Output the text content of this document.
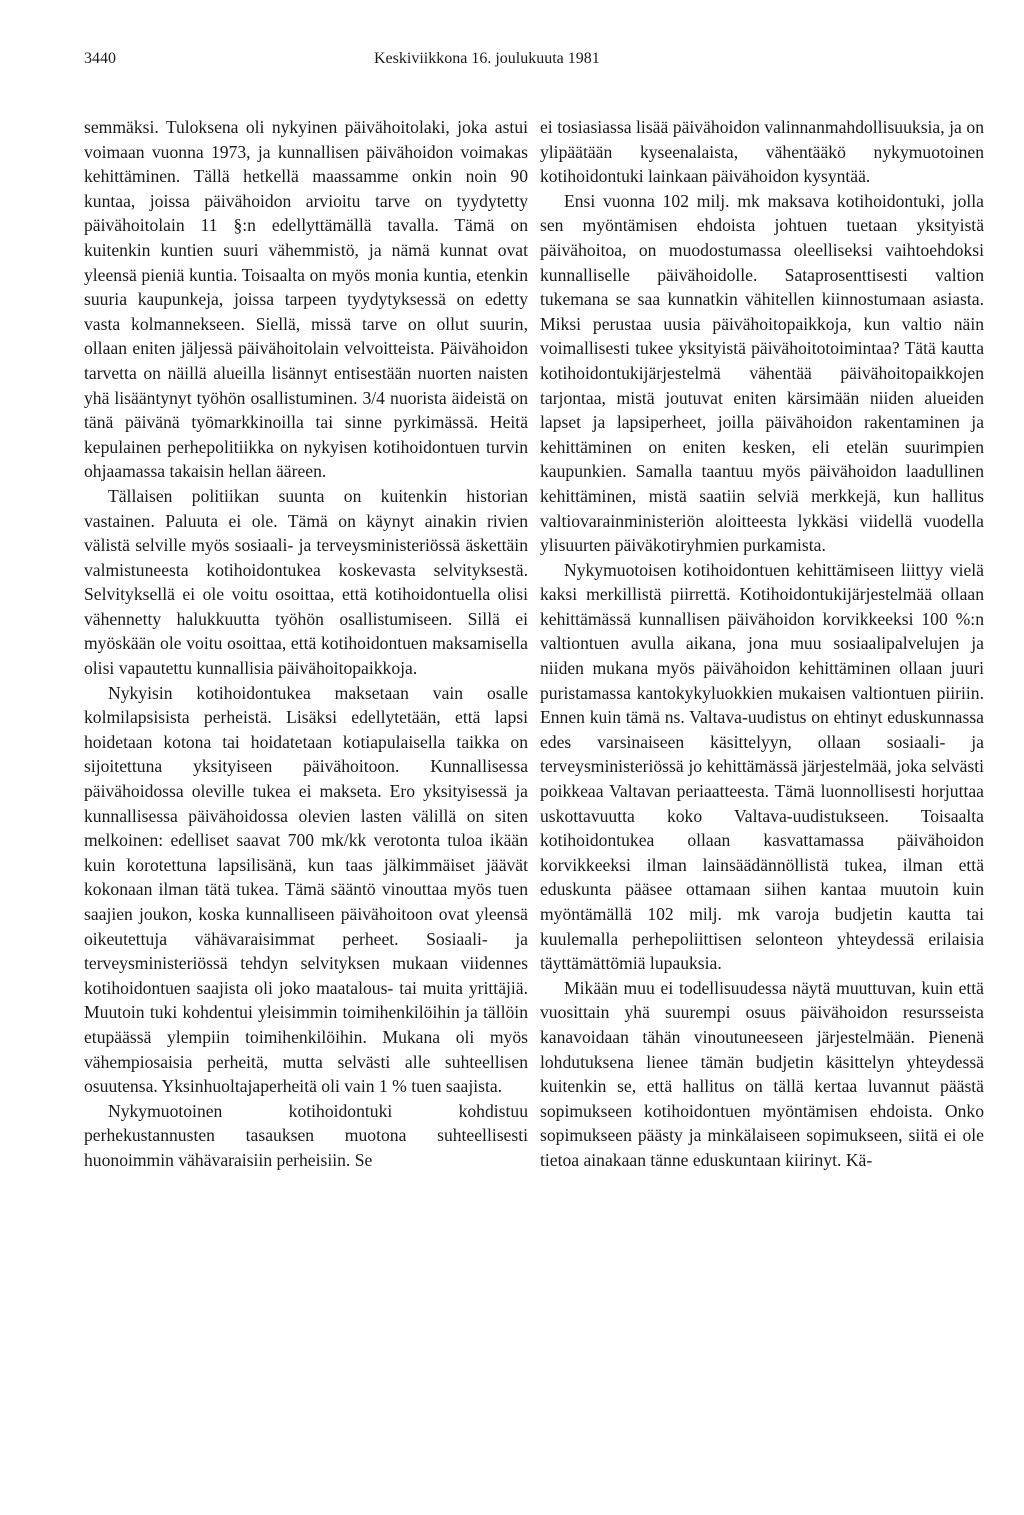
3440	Keskiviikkona 16. joulukuuta 1981

semmäksi. Tuloksena oli nykyinen päivähoitolaki, joka astui voimaan vuonna 1973, ja kunnallisen päivähoidon voimakas kehittäminen. Tällä hetkellä maassamme onkin noin 90 kuntaa, joissa päivähoidon arvioitu tarve on tyydytetty päivähoitolain 11 §:n edellyttämällä tavalla. Tämä on kuitenkin kuntien suuri vähemmistö, ja nämä kunnat ovat yleensä pieniä kuntia. Toisaalta on myös monia kuntia, etenkin suuria kaupunkeja, joissa tarpeen tyydytyksessä on edetty vasta kolmannekseen. Siellä, missä tarve on ollut suurin, ollaan eniten jäljessä päivähoitolain velvoitteista. Päivähoidon tarvetta on näillä alueilla lisännyt entisestään nuorten naisten yhä lisääntynyt työhön osallistuminen. 3/4 nuorista äideistä on tänä päivänä työmarkkinoilla tai sinne pyrkimässä. Heitä kepulainen perhepolitiikka on nykyisen kotihoidontuen turvin ohjaamassa takaisin hellan ääreen.

Tällaisen politiikan suunta on kuitenkin historian vastainen. Paluuta ei ole. Tämä on käynyt ainakin rivien välistä selville myös sosiaali- ja terveysministeriössä äskettäin valmistuneesta kotihoidontukea koskevasta selvityksestä. Selvityksellä ei ole voitu osoittaa, että kotihoidontuella olisi vähennetty halukkuutta työhön osallistumiseen. Sillä ei myöskään ole voitu osoittaa, että kotihoidontuen maksamisella olisi vapautettu kunnallisia päivähoitopaikkoja.

Nykyisin kotihoidontukea maksetaan vain osalle kolmilapsisista perheistä. Lisäksi edellytetään, että lapsi hoidetaan kotona tai hoidatetaan kotiapulaisella taikka on sijoitettuna yksityiseen päivähoitoon. Kunnallisessa päivähoidossa oleville tukea ei makseta. Ero yksityisessä ja kunnallisessa päivähoidossa olevien lasten välillä on siten melkoinen: edelliset saavat 700 mk/kk verotonta tuloa ikään kuin korotettuna lapsilisänä, kun taas jälkimmäiset jäävät kokonaan ilman tätä tukea. Tämä sääntö vinouttaa myös tuen saajien joukon, koska kunnalliseen päivähoitoon ovat yleensä oikeutettuja vähävaraisimmat perheet. Sosiaali- ja terveysministeriössä tehdyn selvityksen mukaan viidennes kotihoidontuen saajista oli joko maatalous- tai muita yrittäjiä. Muutoin tuki kohdentui yleisimmin toimihenkilöihin ja tällöin etupäässä ylempiin toimihenkilöihin. Mukana oli myös vähempiosaisia perheitä, mutta selvästi alle suhteellisen osuutensa. Yksinhuoltajaperheitä oli vain 1 % tuen saajista.

Nykymuotoinen kotihoidontuki kohdistuu perhekustannusten tasauksen muotona suhteellisesti huonoimmin vähävaraisiin perheisiin. Se

ei tosiasiassa lisää päivähoidon valinnanmahdollisuuksia, ja on ylipäätään kyseenalaista, vähentääkö nykymuotoinen kotihoidontuki lainkaan päivähoidon kysyntää.

Ensi vuonna 102 milj. mk maksava kotihoidontuki, jolla sen myöntämisen ehdoista johtuen tuetaan yksityistä päivähoitoa, on muodostumassa oleelliseksi vaihtoehdoksi kunnalliselle päivähoidolle. Sataprosenttisesti valtion tukemana se saa kunnatkin vähitellen kiinnostumaan asiasta. Miksi perustaa uusia päivähoitopaikkoja, kun valtio näin voimallisesti tukee yksityistä päivähoitotoimintaa? Tätä kautta kotihoidontukijärjestelmä vähentää päivähoitopaikkojen tarjontaa, mistä joutuvat eniten kärsimään niiden alueiden lapset ja lapsiperheet, joilla päivähoidon rakentaminen ja kehittäminen on eniten kesken, eli etelän suurimpien kaupunkien. Samalla taantuu myös päivähoidon laadullinen kehittäminen, mistä saatiin selviä merkkejä, kun hallitus valtiovarainministeriön aloitteesta lykkäsi viidellä vuodella ylisuurten päiväkotiryhmien purkamista.

Nykymuotoisen kotihoidontuen kehittämiseen liittyy vielä kaksi merkillistä piirrettä. Kotihoidontukijärjestelmää ollaan kehittämässä kunnallisen päivähoidon korvikkeeksi 100 %:n valtiontuen avulla aikana, jona muu sosiaalipalvelujen ja niiden mukana myös päivähoidon kehittäminen ollaan juuri puristamassa kantokykyluokkien mukaisen valtiontuen piiriin. Ennen kuin tämä ns. Valtava-uudistus on ehtinyt eduskunnassa edes varsinaiseen käsittelyyn, ollaan sosiaali- ja terveysministeriössä jo kehittämässä järjestelmää, joka selvästi poikkeaa Valtavan periaatteesta. Tämä luonnollisesti horjuttaa uskottavuutta koko Valtava-uudistukseen. Toisaalta kotihoidontukea ollaan kasvattamassa päivähoidon korvikkeeksi ilman lainsäädännöllistä tukea, ilman että eduskunta pääsee ottamaan siihen kantaa muutoin kuin myöntämällä 102 milj. mk varoja budjetin kautta tai kuulemalla perhepoliittisen selonteon yhteydessä erilaisia täyttämättömiä lupauksia.

Mikään muu ei todellisuudessa näytä muuttuvan, kuin että vuosittain yhä suurempi osuus päivähoidon resursseista kanavoidaan tähän vinoutuneeseen järjestelmään. Pienenä lohdutuksena lienee tämän budjetin käsittelyn yhteydessä kuitenkin se, että hallitus on tällä kertaa luvannut päästä sopimukseen kotihoidontuen myöntämisen ehdoista. Onko sopimukseen päästy ja minkälaiseen sopimukseen, siitä ei ole tietoa ainakaan tänne eduskuntaan kiirinyt. Kä-
